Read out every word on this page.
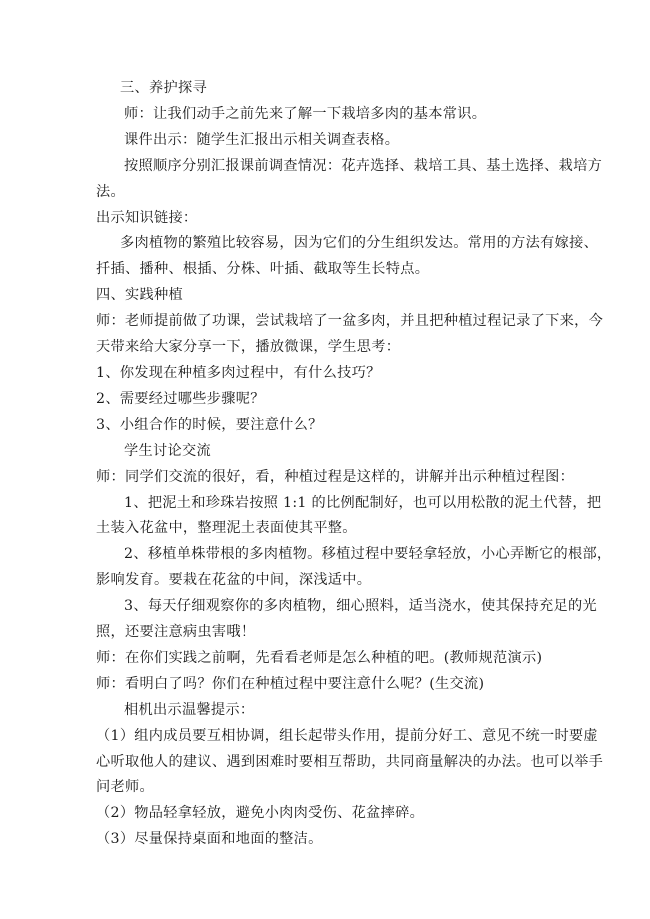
三、养护探寻
师：让我们动手之前先来了解一下栽培多肉的基本常识。
课件出示：随学生汇报出示相关调查表格。
按照顺序分别汇报课前调查情况：花卉选择、栽培工具、基土选择、栽培方
法。
出示知识链接：
多肉植物的繁殖比较容易，因为它们的分生组织发达。常用的方法有嫁接、
扦插、播种、根插、分株、叶插、截取等生长特点。
四、实践种植
师：老师提前做了功课，尝试栽培了一盆多肉，并且把种植过程记录了下来，今
天带来给大家分享一下，播放微课，学生思考：
1、你发现在种植多肉过程中，有什么技巧？
2、需要经过哪些步骤呢？
3、小组合作的时候，要注意什么？
学生讨论交流
师：同学们交流的很好，看，种植过程是这样的，讲解并出示种植过程图：
1、把泥土和珍珠岩按照 1:1 的比例配制好，也可以用松散的泥土代替，把
土装入花盆中，整理泥土表面使其平整。
2、移植单株带根的多肉植物。移植过程中要轻拿轻放，小心弄断它的根部，
影响发育。要栽在花盆的中间，深浅适中。
3、每天仔细观察你的多肉植物，细心照料，适当浇水，使其保持充足的光
照，还要注意病虫害哦！
师：在你们实践之前啊，先看看老师是怎么种植的吧。(教师规范演示)
师：看明白了吗？你们在种植过程中要注意什么呢？(生交流)
相机出示温馨提示：
（1）组内成员要互相协调，组长起带头作用，提前分好工、意见不统一时要虚
心听取他人的建议、遇到困难时要相互帮助，共同商量解决的办法。也可以举手
问老师。
（2）物品轻拿轻放，避免小肉肉受伤、花盆摔碎。
（3）尽量保持桌面和地面的整洁。
